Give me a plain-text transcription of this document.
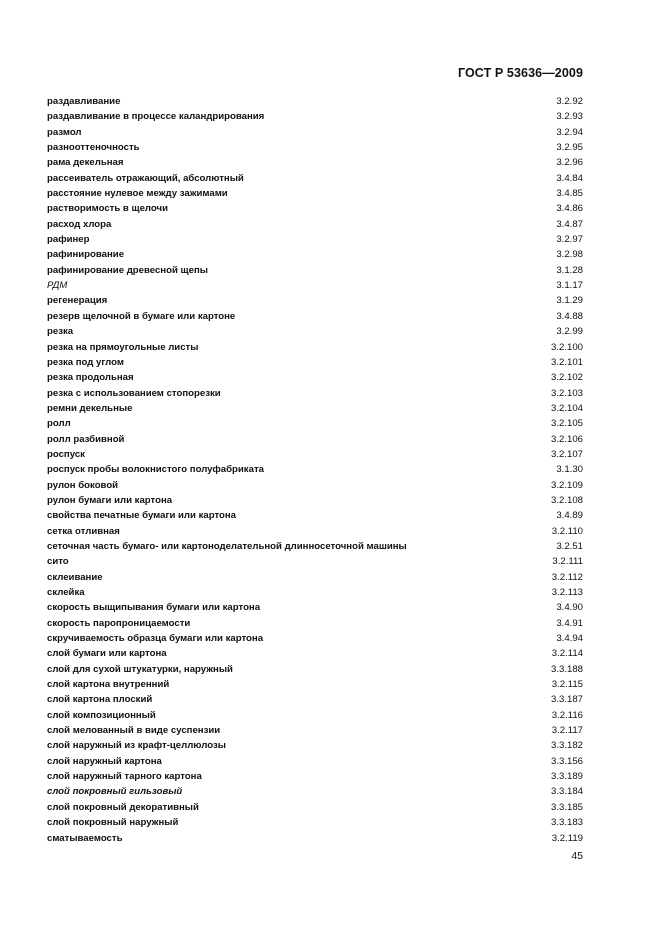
ГОСТ Р 53636—2009
раздавливание	3.2.92
раздавливание в процессе каландрирования	3.2.93
размол	3.2.94
разнооттеночность	3.2.95
рама декельная	3.2.96
рассеиватель отражающий, абсолютный	3.4.84
расстояние нулевое между зажимами	3.4.85
растворимость в щелочи	3.4.86
расход хлора	3.4.87
рафинер	3.2.97
рафинирование	3.2.98
рафинирование древесной щепы	3.1.28
РДМ	3.1.17
регенерация	3.1.29
резерв щелочной в бумаге или картоне	3.4.88
резка	3.2.99
резка на прямоугольные листы	3.2.100
резка под углом	3.2.101
резка продольная	3.2.102
резка с использованием стопорезки	3.2.103
ремни декельные	3.2.104
ролл	3.2.105
ролл разбивной	3.2.106
роспуск	3.2.107
роспуск пробы волокнистого полуфабриката	3.1.30
рулон боковой	3.2.109
рулон бумаги или картона	3.2.108
свойства печатные бумаги или картона	3.4.89
сетка отливная	3.2.110
сеточная часть бумаго- или картоноделательной длинносеточной машины	3.2.51
сито	3.2.111
склеивание	3.2.112
склейка	3.2.113
скорость выщипывания бумаги или картона	3.4.90
скорость паропроницаемости	3.4.91
скручиваемость образца бумаги или картона	3.4.94
слой бумаги или картона	3.2.114
слой для сухой штукатурки, наружный	3.3.188
слой картона внутренний	3.2.115
слой картона плоский	3.3.187
слой композиционный	3.2.116
слой мелованный в виде суспензии	3.2.117
слой наружный из крафт-целлюлозы	3.3.182
слой наружный картона	3.3.156
слой наружный тарного картона	3.3.189
слой покровный гильзовый	3.3.184
слой покровный декоративный	3.3.185
слой покровный наружный	3.3.183
сматываемость	3.2.119
45
